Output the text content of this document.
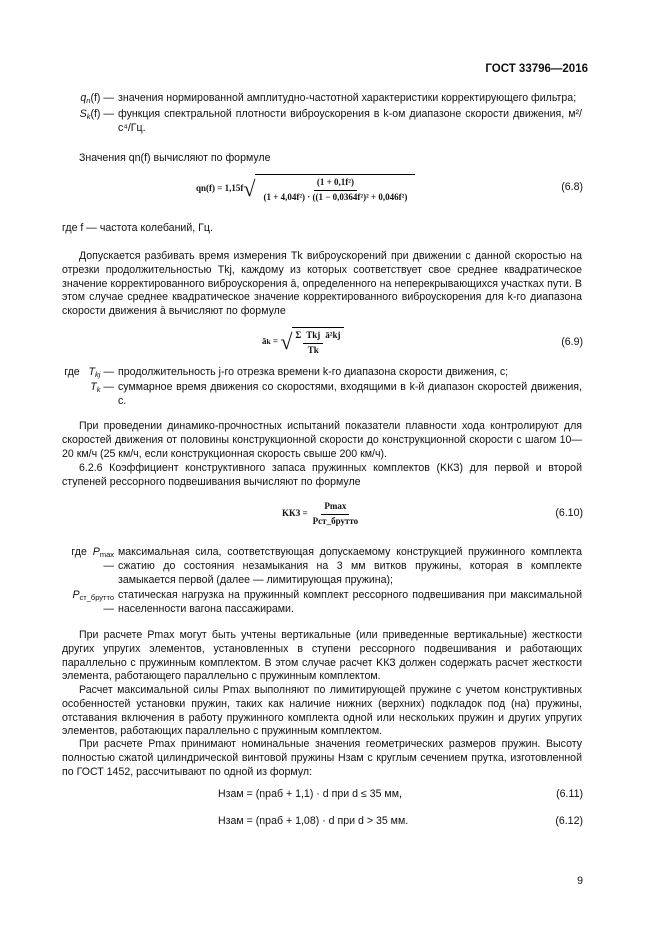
ГОСТ 33796—2016
$q_n(f)$ — значения нормированной амплитудно-частотной характеристики корректирующего фильтра;
$S_k(f)$ — функция спектральной плотности виброускорения в k-ом диапазоне скорости движения, м²/с⁴/Гц.
Значения qn(f) вычисляют по формуле
qn(f) = 1,15f √ $\frac{\text{(1 + 0,1f²)}}{\text{(1 + 4,04f²) · ((1 − 0,0364f²)² + 0,046f²)}}$	(6.8)
где f — частота колебаний, Гц.
Допускается разбивать время измерения Tk виброускорений при движении с данной скоростью на отрезки продолжительностью Tkj, каждому из которых соответствует свое среднее квадратическое значение корректированного виброускорения ā, определенного на неперекрывающихся участках пути. В этом случае среднее квадратическое значение корректированного виброускорения для k-го диапазона скорости движения ā вычисляют по формуле
ā k = √ Σ $\frac{\text{Tkj}}{Tk}$ ā²kj
(6.9)
где $T_{kj}$ — продолжительность j-го отрезка времени k-го диапазона скорости движения, с;
$T_k$ — суммарное время движения со скоростями, входящими в k-й диапазон скоростей движения, с.
При проведении динамико-прочностных испытаний показатели плавности хода контролируют для скоростей движения от половины конструкционной скорости до конструкционной скорости с шагом 10—20 км/ч (25 км/ч, если конструкционная скорость свыше 200 км/ч).
6.2.6 Коэффициент конструктивного запаса пружинных комплектов (KКЗ) для первой и второй ступеней рессорного подвешивания вычисляют по формуле
KКЗ = $\frac{Pmax}{\text{Pст\_брутто}}$	(6.10)
где $P_{max}$ —
максимальная сила, соответствующая допускаемому конструкцией пружинного комплекта сжатию до состояния незамыкания на 3 мм витков пружины, которая в комплекте замыкается первой (далее — лимитирующая пружина);
$P_{ст\_брутто}$ —
статическая нагрузка на пружинный комплект рессорного подвешивания при максимальной населенности вагона пассажирами.
При расчете Pmax могут быть учтены вертикальные (или приведенные вертикальные) жесткости других упругих элементов, установленных в ступени рессорного подвешивания и работающих параллельно с пружинным комплектом. В этом случае расчет KКЗ должен содержать расчет жесткости элемента, работающего параллельно с пружинным комплектом.
Расчет максимальной силы Pmax выполняют по лимитирующей пружине с учетом конструктивных особенностей установки пружин, таких как наличие нижних (верхних) подкладок под (на) пружины, отставания включения в работу пружинного комплекта одной или нескольких пружин и других упругих элементов, работающих параллельно с пружинным комплектом.
При расчете Pmax принимают номинальные значения геометрических размеров пружин. Высоту полностью сжатой цилиндрической винтовой пружины Hзам с круглым сечением прутка, изготовленной по ГОСТ 1452, рассчитывают по одной из формул:
Hзам = (nраб + 1,1) · d при d ≤ 35 мм,	(6.11)
Hзам = (nраб + 1,08) · d при d > 35 мм.	(6.12)
9
